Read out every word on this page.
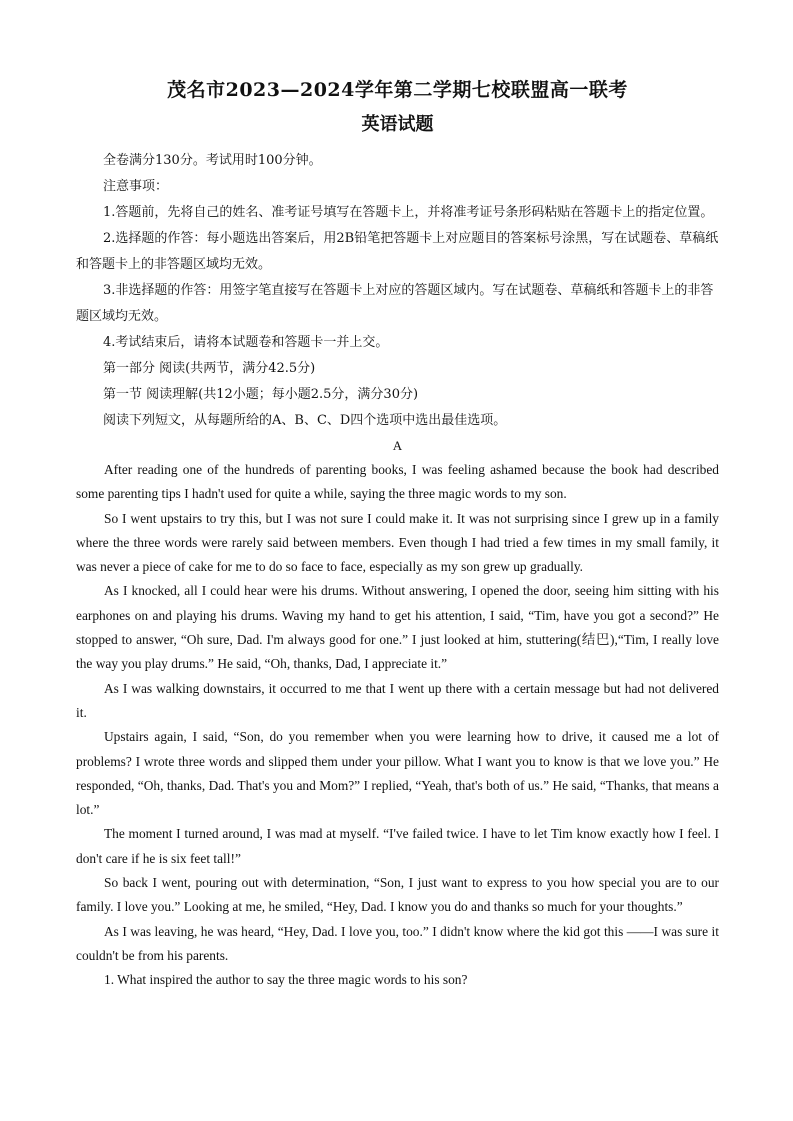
茂名市2023—2024学年第二学期七校联盟高一联考
英语试题

全卷满分130分。考试用时100分钟。

注意事项：

1.答题前，先将自己的姓名、准考证号填写在答题卡上，并将准考证号条形码粘贴在答题卡上的指定位置。

2.选择题的作答：每小题选出答案后，用2B铅笔把答题卡上对应题目的答案标号涂黑，写在试题卷、草稿纸和答题卡上的非答题区域均无效。

3.非选择题的作答：用签字笔直接写在答题卡上对应的答题区域内。写在试题卷、草稿纸和答题卡上的非答题区域均无效。

4.考试结束后，请将本试题卷和答题卡一并上交。

第一部分 阅读(共两节，满分42.5分)

第一节 阅读理解(共12小题；每小题2.5分，满分30分)

阅读下列短文，从每题所给的A、B、C、D四个选项中选出最佳选项。

A

After reading one of the hundreds of parenting books, I was feeling ashamed because the book had described some parenting tips I hadn't used for quite a while, saying the three magic words to my son.

So I went upstairs to try this, but I was not sure I could make it. It was not surprising since I grew up in a family where the three words were rarely said between members. Even though I had tried a few times in my small family, it was never a piece of cake for me to do so face to face, especially as my son grew up gradually.

As I knocked, all I could hear were his drums. Without answering, I opened the door, seeing him sitting with his earphones on and playing his drums. Waving my hand to get his attention, I said, “Tim, have you got a second?” He stopped to answer, “Oh sure, Dad. I'm always good for one.” I just looked at him, stuttering(结巴),“Tim, I really love the way you play drums.” He said, “Oh, thanks, Dad, I appreciate it.”

As I was walking downstairs, it occurred to me that I went up there with a certain message but had not delivered it.

Upstairs again, I said, “Son, do you remember when you were learning how to drive, it caused me a lot of problems? I wrote three words and slipped them under your pillow. What I want you to know is that we love you.” He responded, “Oh, thanks, Dad. That's you and Mom?” I replied, “Yeah, that's both of us.” He said, “Thanks, that means a lot.”

The moment I turned around, I was mad at myself. “I've failed twice. I have to let Tim know exactly how I feel. I don't care if he is six feet tall!”

So back I went, pouring out with determination, “Son, I just want to express to you how special you are to our family. I love you.” Looking at me, he smiled, “Hey, Dad. I know you do and thanks so much for your thoughts.”

As I was leaving, he was heard, “Hey, Dad. I love you, too.” I didn't know where the kid got this ——I was sure it couldn't be from his parents.

1. What inspired the author to say the three magic words to his son?
